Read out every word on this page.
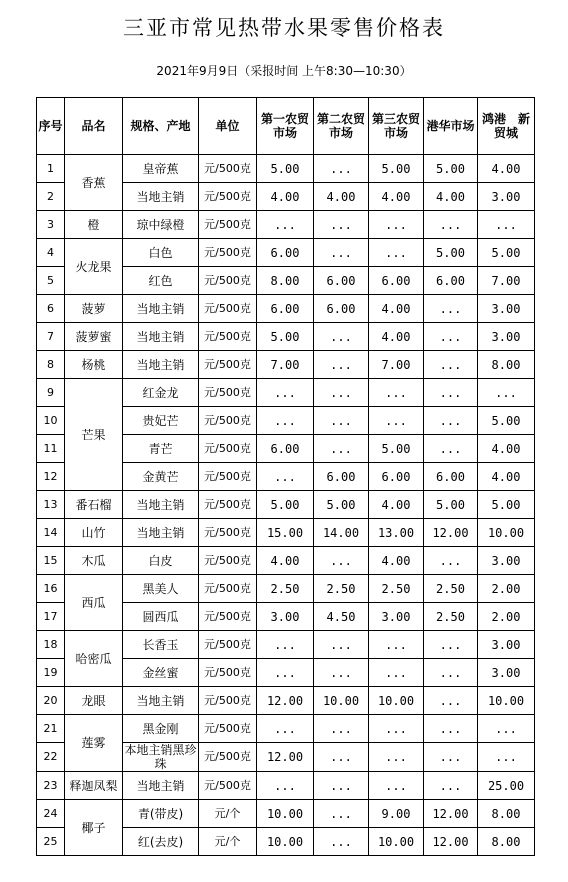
三亚市常见热带水果零售价格表
2021年9月9日（采报时间 上午8:30—10:30）
序号	品名	规格、产地	单位	第一农贸市场	第二农贸市场	第三农贸市场	港华市场	鸿港　新贸城
1	香蕉	皇帝蕉	元/500克	5.00	...	5.00	5.00	4.00
2		当地主销	元/500克	4.00	4.00	4.00	4.00	3.00
3	橙	琼中绿橙	元/500克	...	...	...	...	...
4	火龙果	白色	元/500克	6.00	...	...	5.00	5.00
5		红色	元/500克	8.00	6.00	6.00	6.00	7.00
6	菠萝	当地主销	元/500克	6.00	6.00	4.00	...	3.00
7	菠萝蜜	当地主销	元/500克	5.00	...	4.00	...	3.00
8	杨桃	当地主销	元/500克	7.00	...	7.00	...	8.00
9	芒果	红金龙	元/500克	...	...	...	...	...
10		贵妃芒	元/500克	...	...	...	...	5.00
11		青芒	元/500克	6.00	...	5.00	...	4.00
12		金黄芒	元/500克	...	6.00	6.00	6.00	4.00
13	番石榴	当地主销	元/500克	5.00	5.00	4.00	5.00	5.00
14	山竹	当地主销	元/500克	15.00	14.00	13.00	12.00	10.00
15	木瓜	白皮	元/500克	4.00	...	4.00	...	3.00
16	西瓜	黑美人	元/500克	2.50	2.50	2.50	2.50	2.00
17		圆西瓜	元/500克	3.00	4.50	3.00	2.50	2.00
18	哈密瓜	长香玉	元/500克	...	...	...	...	3.00
19		金丝蜜	元/500克	...	...	...	...	3.00
20	龙眼	当地主销	元/500克	12.00	10.00	10.00	...	10.00
21	莲雾	黑金刚	元/500克	...	...	...	...	...
22		本地主销黑珍珠	元/500克	12.00	...	...	...	...
23	释迦凤梨	当地主销	元/500克	...	...	...	...	25.00
24	椰子	青(带皮)	元/个	10.00	...	9.00	12.00	8.00
25		红(去皮)	元/个	10.00	...	10.00	12.00	8.00
